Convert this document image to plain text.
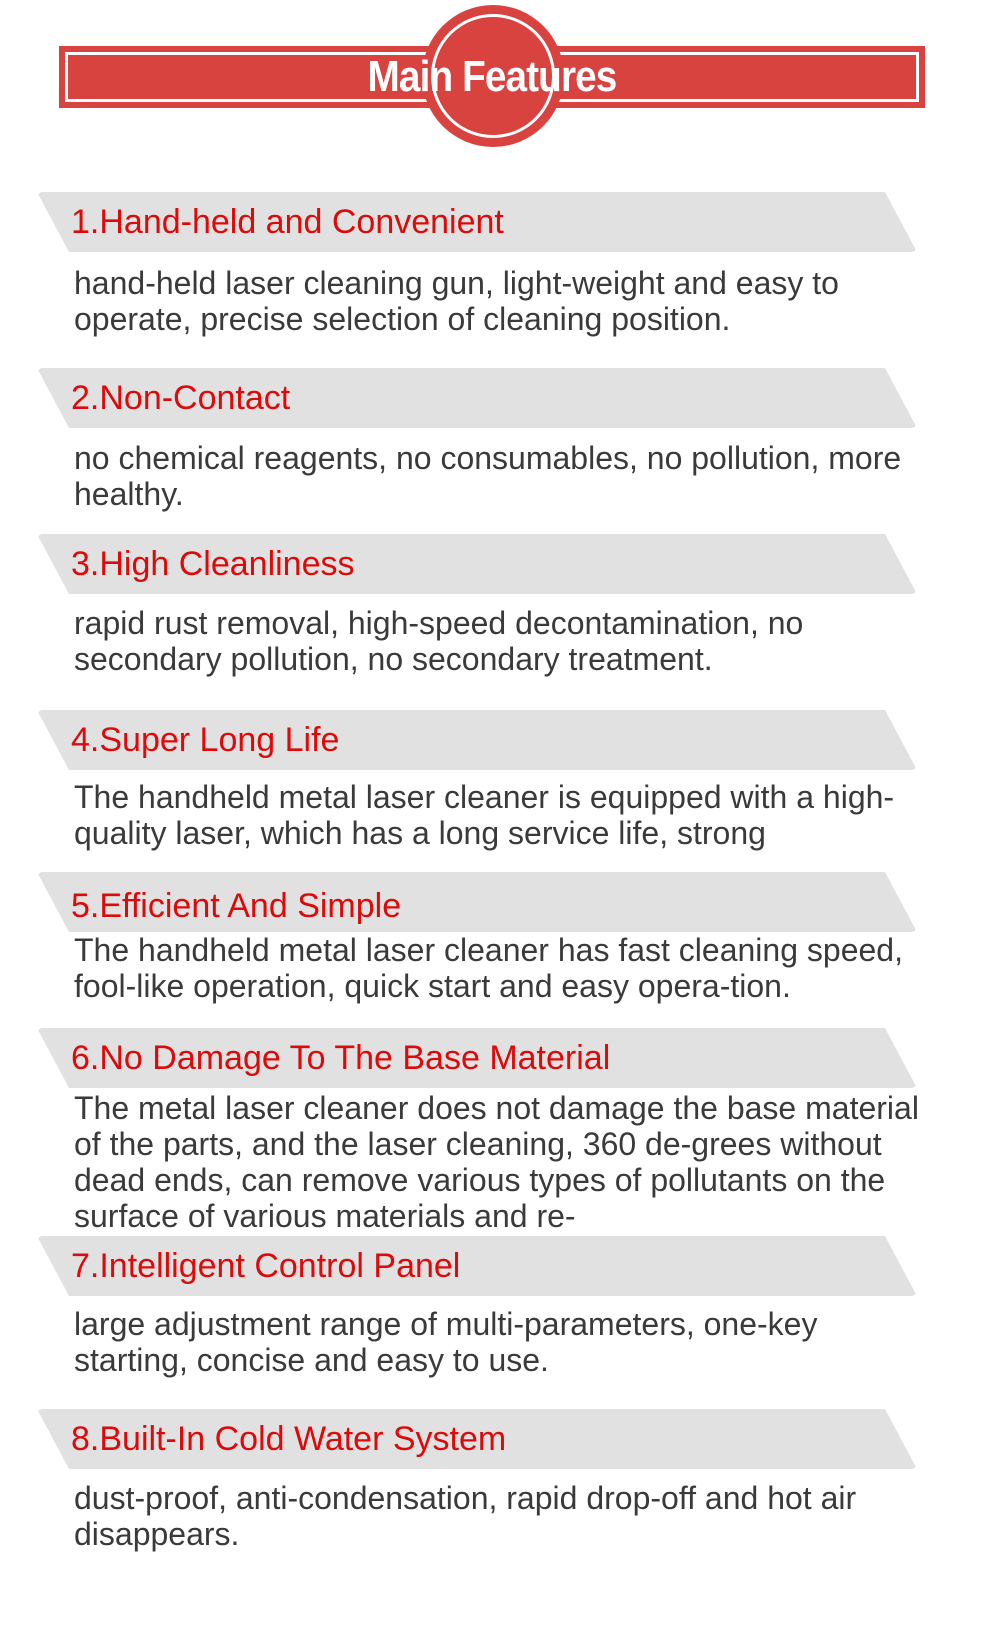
Main Features
1.Hand-held and Convenient

hand-held laser cleaning gun, light-weight and easy to operate, precise selection of cleaning position.

2.Non-Contact

no chemical reagents, no consumables, no pollution, more healthy.

3.High Cleanliness

rapid rust removal, high-speed decontamination, no secondary pollution, no secondary treatment.

4.Super Long Life

The handheld metal laser cleaner is equipped with a high-quality laser, which has a long service life, strong

5.Efficient And Simple

The handheld metal laser cleaner has fast cleaning speed, fool-like operation, quick start and easy opera-tion.

6.No Damage To The Base Material

The metal laser cleaner does not damage the base material of the parts, and the laser cleaning, 360 de-grees without dead ends, can remove various types of pollutants on the surface of various materials and re-

7.Intelligent Control Panel

large adjustment range of multi-parameters, one-key starting, concise and easy to use.

8.Built-In Cold Water System

dust-proof, anti-condensation, rapid drop-off and hot air disappears.
